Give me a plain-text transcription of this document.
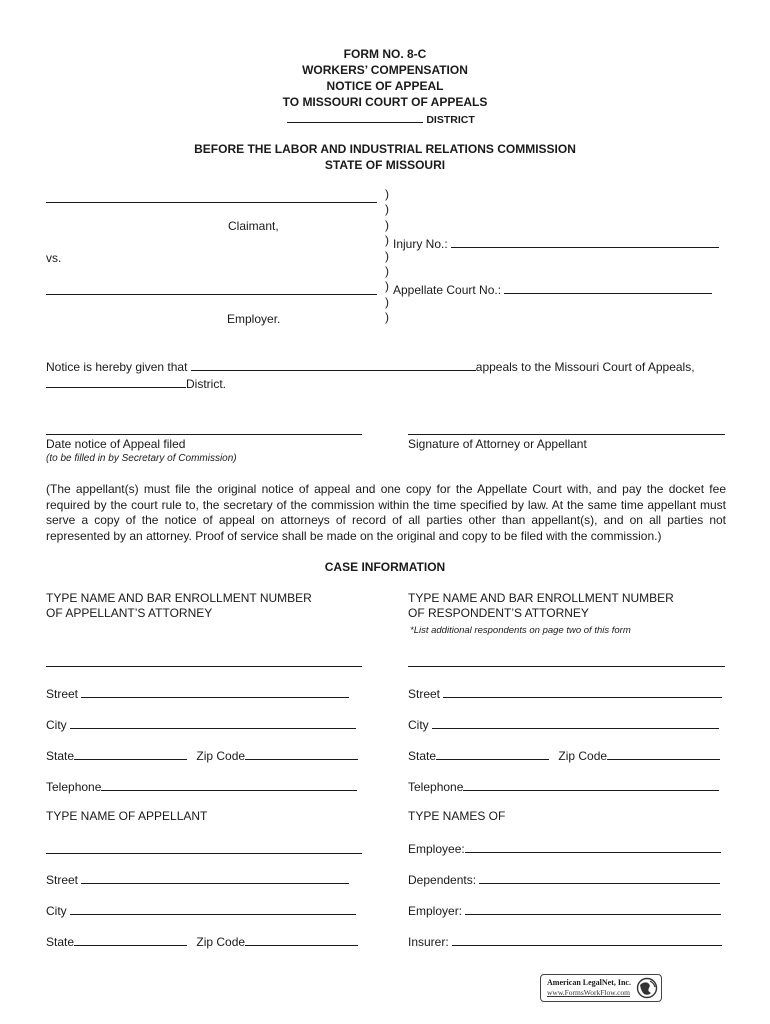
FORM NO. 8-C
WORKERS’ COMPENSATION
NOTICE OF APPEAL
TO MISSOURI COURT OF APPEALS
DISTRICT
BEFORE THE LABOR AND INDUSTRIAL RELATIONS COMMISSION
STATE OF MISSOURI
Claimant,
vs.
Employer.
)
)
)
)
)
)
)
)
)
Injury No.:
Appellate Court No.:
Notice is hereby given that	appeals to the Missouri Court of Appeals,
District.
Date notice of Appeal filed
(to be filled in by Secretary of Commission)
Signature of Attorney or Appellant
(The appellant(s) must file the original notice of appeal and one copy for the Appellate Court with, and pay the docket fee required by the court rule to, the secretary of the commission within the time specified by law. At the same time appellant must serve a copy of the notice of appeal on attorneys of record of all parties other than appellant(s), and on all parties not represented by an attorney. Proof of service shall be made on the original and copy to be filed with the commission.)
CASE INFORMATION
TYPE NAME AND BAR ENROLLMENT NUMBER
OF APPELLANT’S ATTORNEY
TYPE NAME AND BAR ENROLLMENT NUMBER
OF RESPONDENT’S ATTORNEY
*List additional respondents on page two of this form
Street
City
State	Zip Code
Telephone
Street
City
State	Zip Code
Telephone
TYPE NAME OF APPELLANT
Street
City
State	Zip Code
TYPE NAMES OF
Employee:
Dependents:
Employer:
Insurer:
American LegalNet, Inc.
www.FormsWorkFlow.com
